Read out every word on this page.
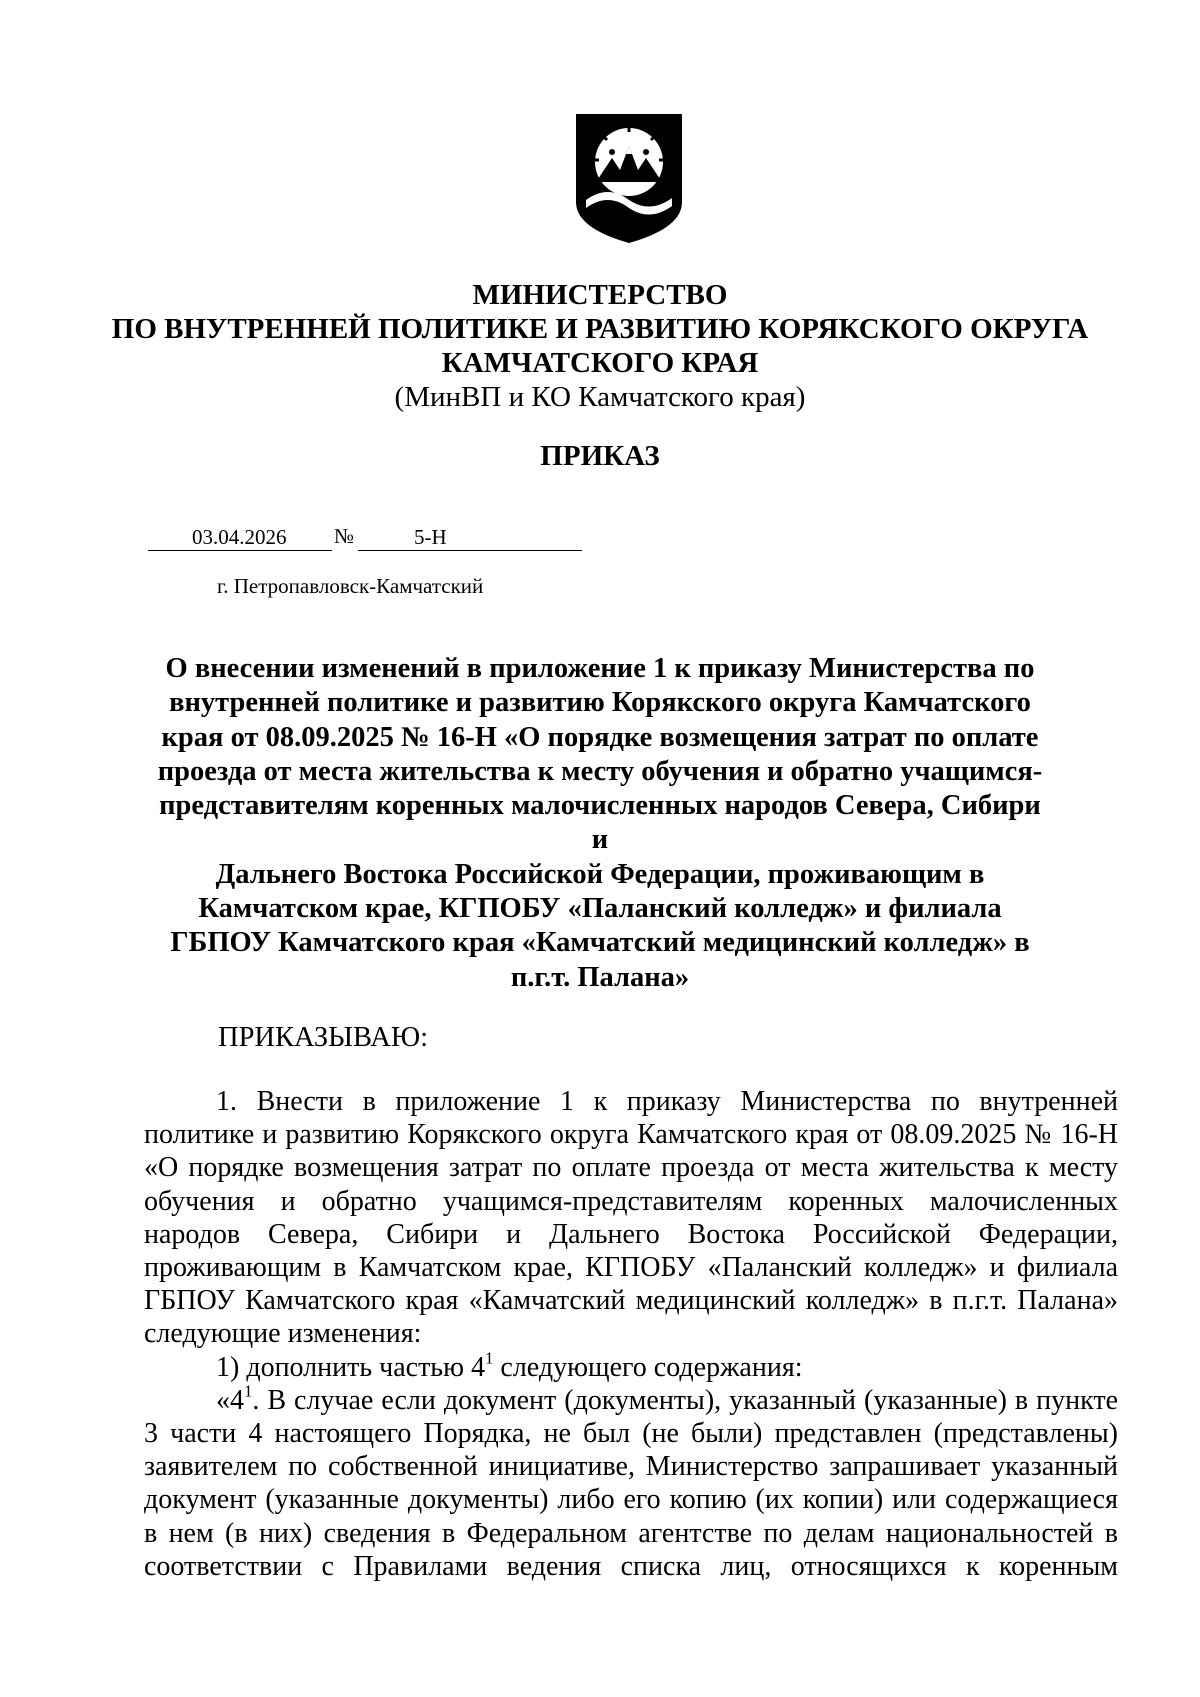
МИНИСТЕРСТВО
ПО ВНУТРЕННЕЙ ПОЛИТИКЕ И РАЗВИТИЮ КОРЯКСКОГО ОКРУГА
КАМЧАТСКОГО КРАЯ
(МинВП и КО Камчатского края)
ПРИКАЗ
03.04.2026 №	5-Н
г. Петропавловск-Камчатский
О внесении изменений в приложение 1 к приказу Министерства по
внутренней политике и развитию Корякского округа Камчатского
края от 08.09.2025 № 16-Н «О порядке возмещения затрат по оплате
проезда от места жительства к месту обучения и обратно учащимся-
представителям коренных малочисленных народов Севера, Сибири и
Дальнего Востока Российской Федерации, проживающим в
Камчатском крае, КГПОБУ «Паланский колледж» и филиала
ГБПОУ Камчатского края «Камчатский медицинский колледж» в
п.г.т. Палана»
ПРИКАЗЫВАЮ:

1. Внести в приложение 1 к приказу Министерства по внутренней политике и развитию Корякского округа Камчатского края от 08.09.2025 № 16-Н «О порядке возмещения затрат по оплате проезда от места жительства к месту обучения и обратно учащимся-представителям коренных малочисленных народов Севера, Сибири и Дальнего Востока Российской Федерации, проживающим в Камчатском крае, КГПОБУ «Паланский колледж» и филиала ГБПОУ Камчатского края «Камчатский медицинский колледж» в п.г.т. Палана» следующие изменения:

1) дополнить частью $4^1$ следующего содержания:

«$4^1$. В случае если документ (документы), указанный (указанные) в пункте 3 части 4 настоящего Порядка, не был (не были) представлен (представлены) заявителем по собственной инициативе, Министерство запрашивает указанный документ (указанные документы) либо его копию (их копии) или содержащиеся в нем (в них) сведения в Федеральном агентстве по делам национальностей в соответствии с Правилами ведения списка лиц, относящихся к коренным
